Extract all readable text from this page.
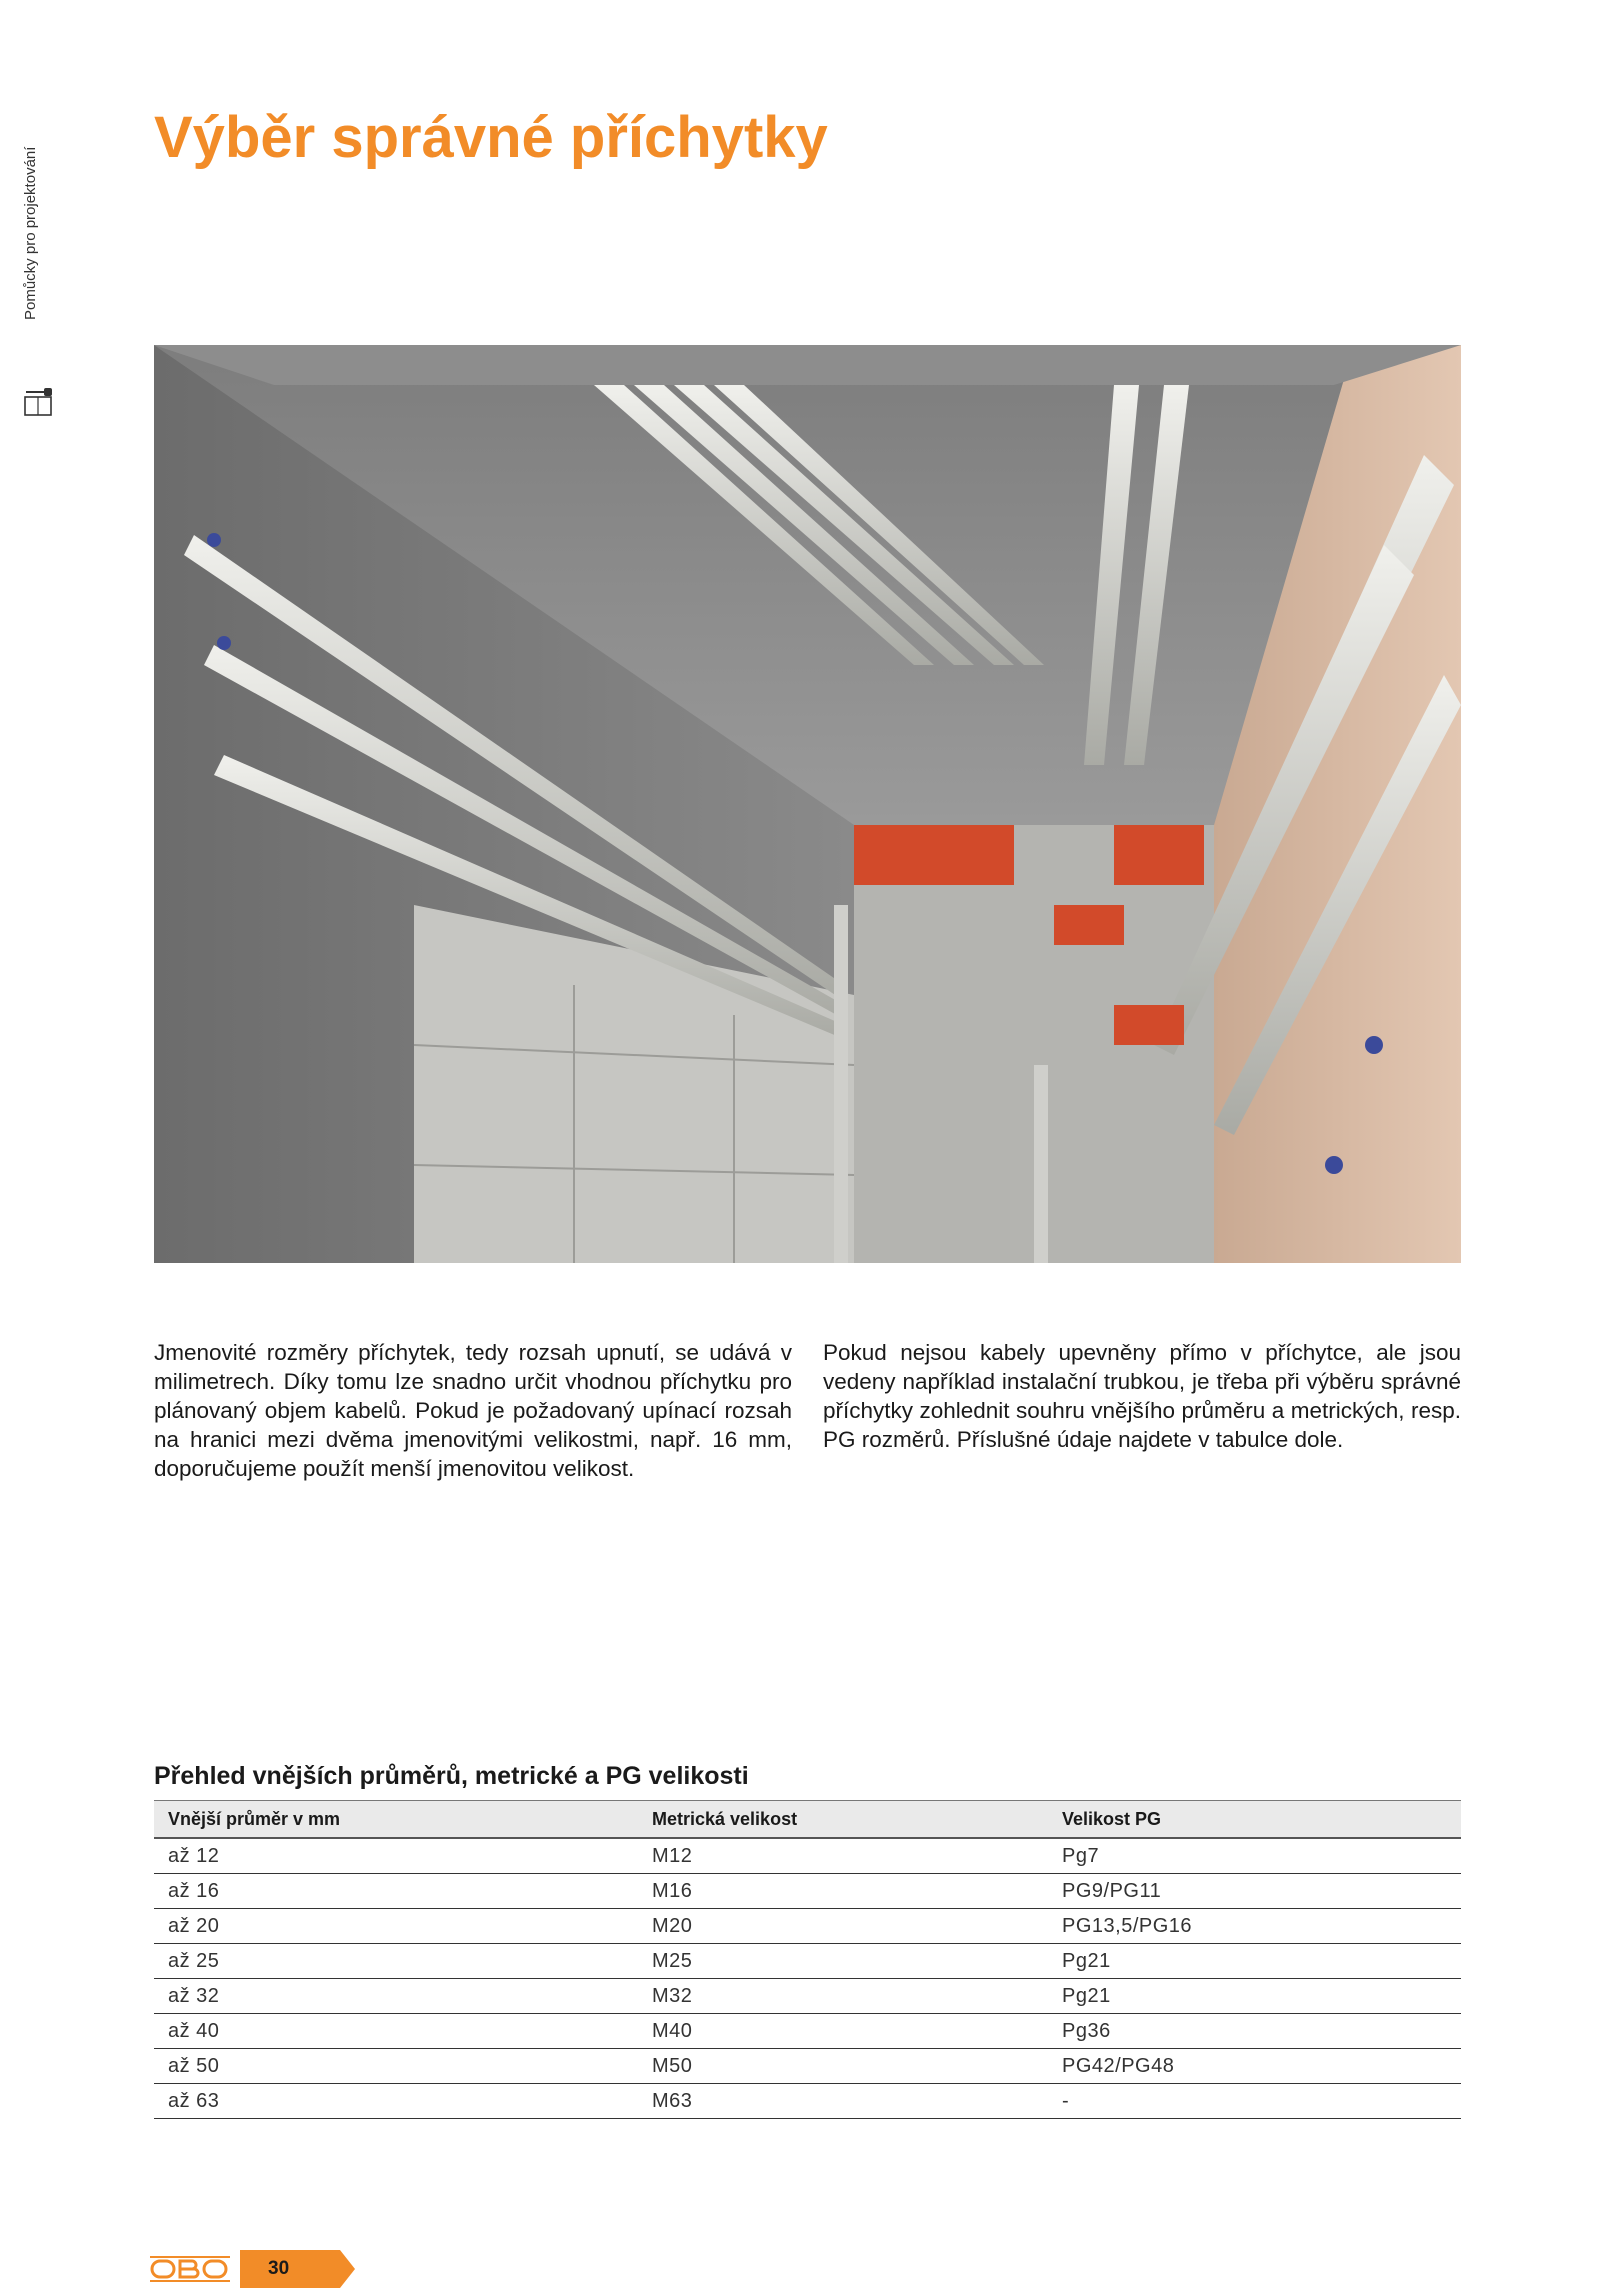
Pomůcky pro projektování
Výběr správné příchytky

Jmenovité rozměry příchytek, tedy rozsah upnutí, se udává v milimetrech. Díky tomu lze snadno určit vhodnou příchytku pro plánovaný objem kabelů. Pokud je požadovaný upínací rozsah na hranici mezi dvěma jmenovitými velikostmi, např. 16 mm, doporučujeme použít menší jmenovitou velikost.

Pokud nejsou kabely upevněny přímo v příchytce, ale jsou vedeny například instalační trubkou, je třeba při výběru správné příchytky zohlednit souhru vnějšího průměru a metrických, resp. PG rozměrů. Příslušné údaje najdete v tabulce dole.

Přehled vnějších průměrů, metrické a PG velikosti
Vnější průměr v mm	Metrická velikost	Velikost PG
až 12	M12	Pg7
až 16	M16	PG9/PG11
až 20	M20	PG13,5/PG16
až 25	M25	Pg21
až 32	M32	Pg21
až 40	M40	Pg36
až 50	M50	PG42/PG48
až 63	M63	-
30
